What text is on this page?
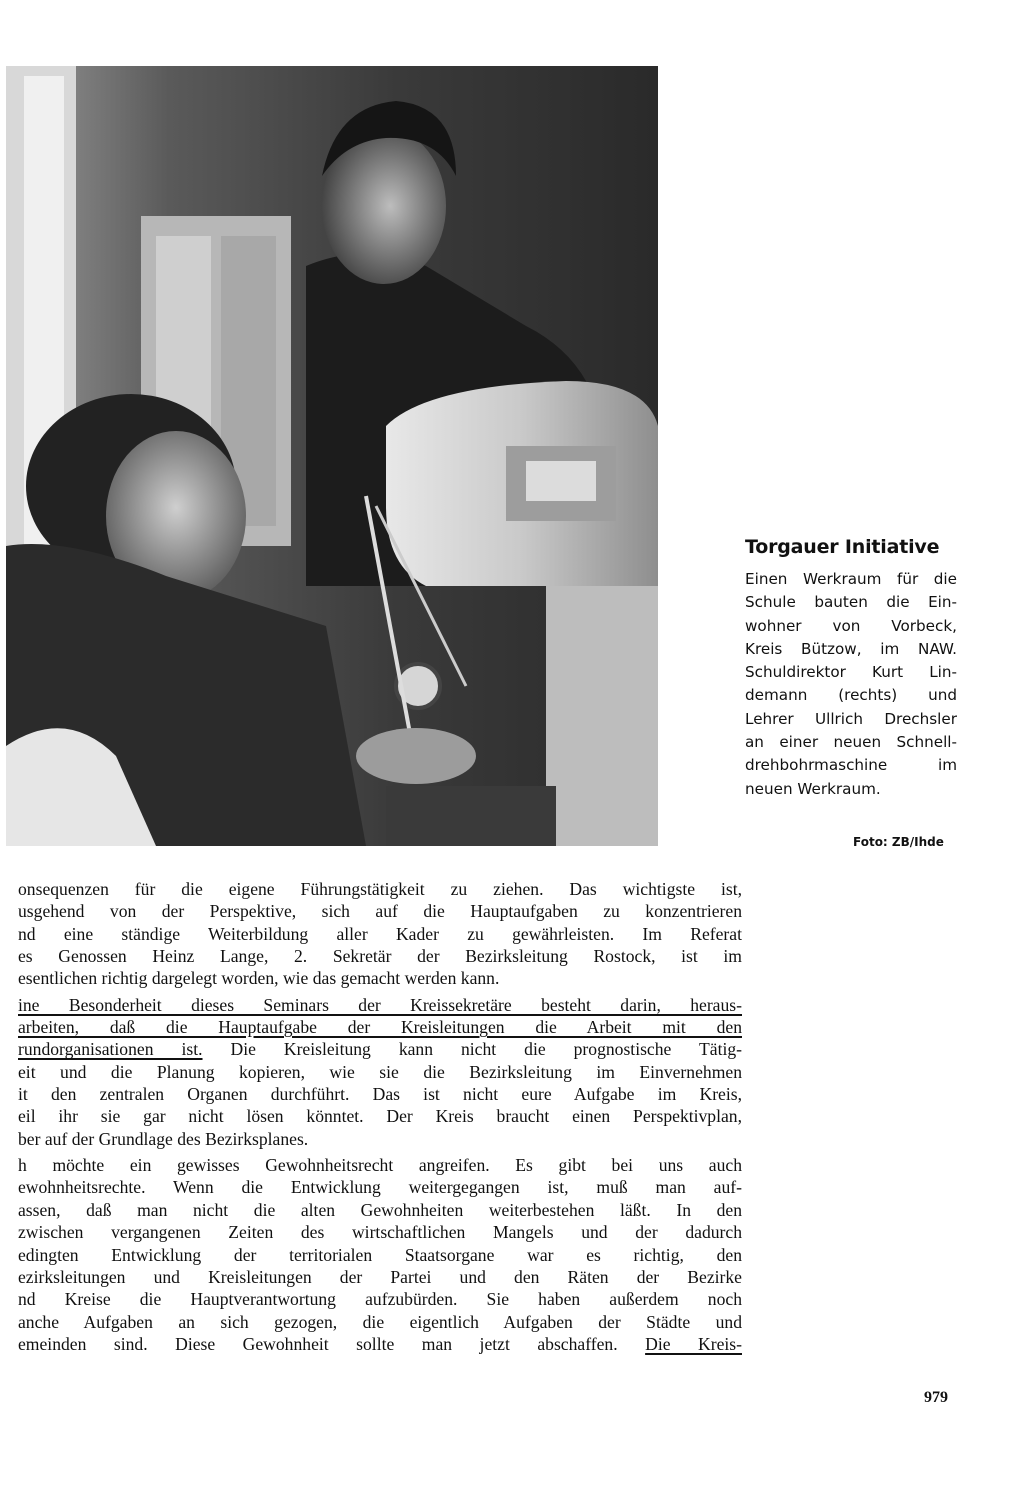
Torgauer Initiative
Einen Werkraum für die
Schule bauten die Ein-
wohner von Vorbeck,
Kreis Bützow, im NAW.
Schuldirektor Kurt Lin-
demann (rechts) und
Lehrer Ullrich Drechsler
an einer neuen Schnell-
drehbohrmaschine im
neuen Werkraum.
Foto: ZB/Ihde
onsequenzen für die eigene Führungstätigkeit zu ziehen. Das wichtigste ist,
usgehend von der Perspektive, sich auf die Hauptaufgaben zu konzentrieren
nd eine ständige Weiterbildung aller Kader zu gewährleisten. Im Referat
es Genossen Heinz Lange, 2. Sekretär der Bezirksleitung Rostock, ist im
esentlichen richtig dargelegt worden, wie das gemacht werden kann.
ine Besonderheit dieses Seminars der Kreissekretäre besteht darin, heraus-
arbeiten, daß die Hauptaufgabe der Kreisleitungen die Arbeit mit den
rundorganisationen ist. Die Kreisleitung kann nicht die prognostische Tätig-
eit und die Planung kopieren, wie sie die Bezirksleitung im Einvernehmen
it den zentralen Organen durchführt. Das ist nicht eure Aufgabe im Kreis,
eil ihr sie gar nicht lösen könntet. Der Kreis braucht einen Perspektivplan,
ber auf der Grundlage des Bezirksplanes.
h möchte ein gewisses Gewohnheitsrecht angreifen. Es gibt bei uns auch
ewohnheitsrechte. Wenn die Entwicklung weitergegangen ist, muß man auf-
assen, daß man nicht die alten Gewohnheiten weiterbestehen läßt. In den
zwischen vergangenen Zeiten des wirtschaftlichen Mangels und der dadurch
edingten Entwicklung der territorialen Staatsorgane war es richtig, den
ezirksleitungen und Kreisleitungen der Partei und den Räten der Bezirke
nd Kreise die Hauptverantwortung aufzubürden. Sie haben außerdem noch
anche Aufgaben an sich gezogen, die eigentlich Aufgaben der Städte und
emeinden sind. Diese Gewohnheit sollte man jetzt abschaffen. Die Kreis-
979
